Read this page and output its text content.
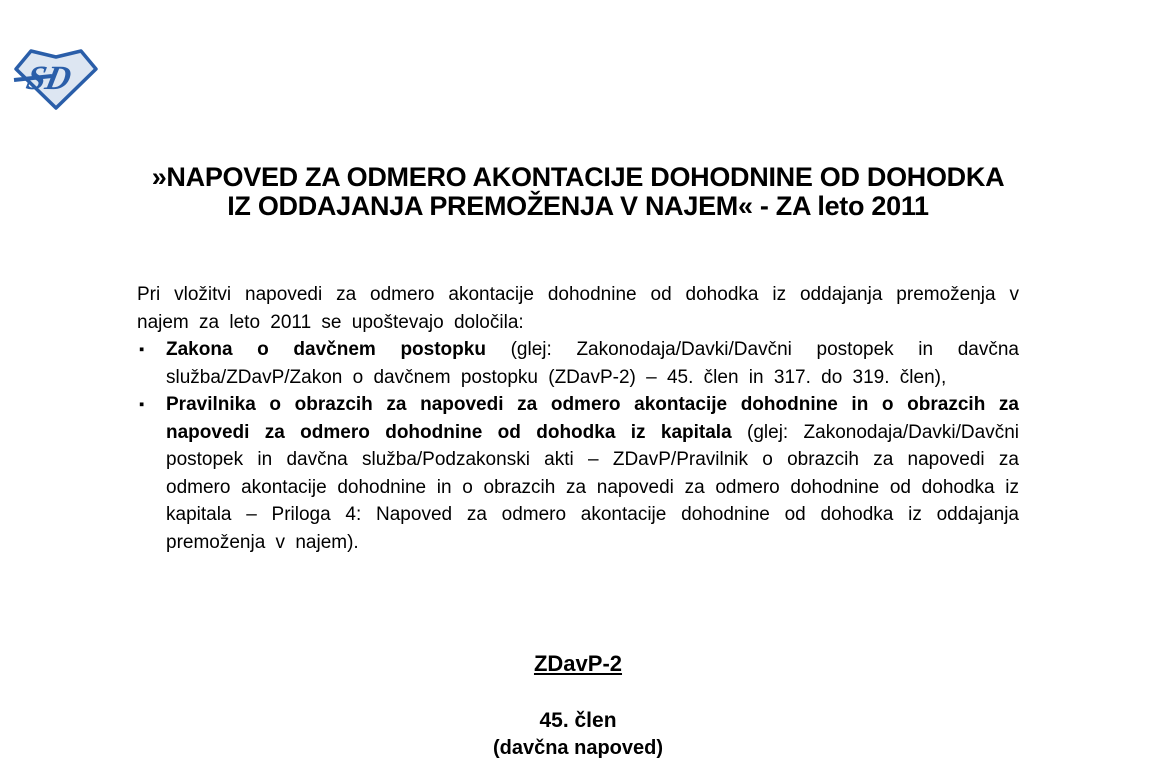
SD
»NAPOVED ZA ODMERO AKONTACIJE DOHODNINE OD DOHODKA
IZ ODDAJANJA PREMOŽENJA V NAJEM« - ZA leto 2011
Pri vložitvi napovedi za odmero akontacije dohodnine od dohodka iz oddajanja premoženja v najem za leto 2011 se upoštevajo določila:
▪ Zakona o davčnem postopku (glej: Zakonodaja/Davki/Davčni postopek in davčna služba/ZDavP/Zakon o davčnem postopku (ZDavP-2) – 45. člen in 317. do 319. člen),
▪ Pravilnika o obrazcih za napovedi za odmero akontacije dohodnine in o obrazcih za napovedi za odmero dohodnine od dohodka iz kapitala (glej: Zakonodaja/Davki/Davčni postopek in davčna služba/Podzakonski akti – ZDavP/Pravilnik o obrazcih za napovedi za odmero akontacije dohodnine in o obrazcih za napovedi za odmero dohodnine od dohodka iz kapitala – Priloga 4: Napoved za odmero akontacije dohodnine od dohodka iz oddajanja premoženja v najem).
ZDavP-2
45. člen
(davčna napoved)
